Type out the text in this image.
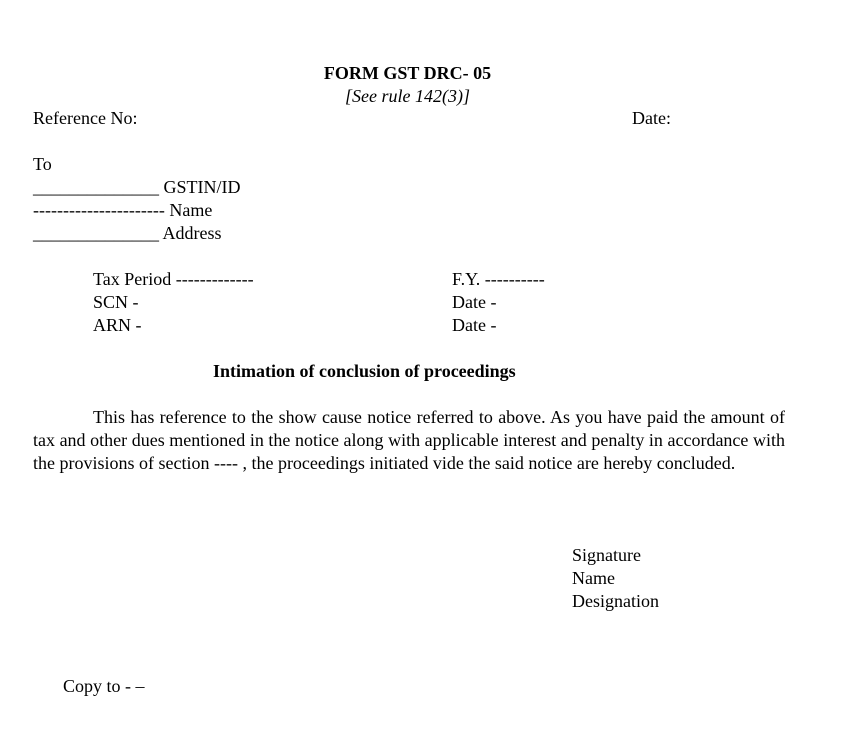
FORM GST DRC- 05
[See rule 142(3)]
Reference No:	Date:
To
______________ GSTIN/ID
---------------------- Name
______________ Address
Tax Period -------------
SCN -
ARN -
F.Y. ----------
Date -
Date -
Intimation of conclusion of proceedings
This has reference to the show cause notice referred to above. As you have paid the amount of tax and other dues mentioned in the notice along with applicable interest and penalty in accordance with the provisions of section ---- , the proceedings initiated vide the said notice are hereby concluded.
Signature
Name
Designation
Copy to - –
